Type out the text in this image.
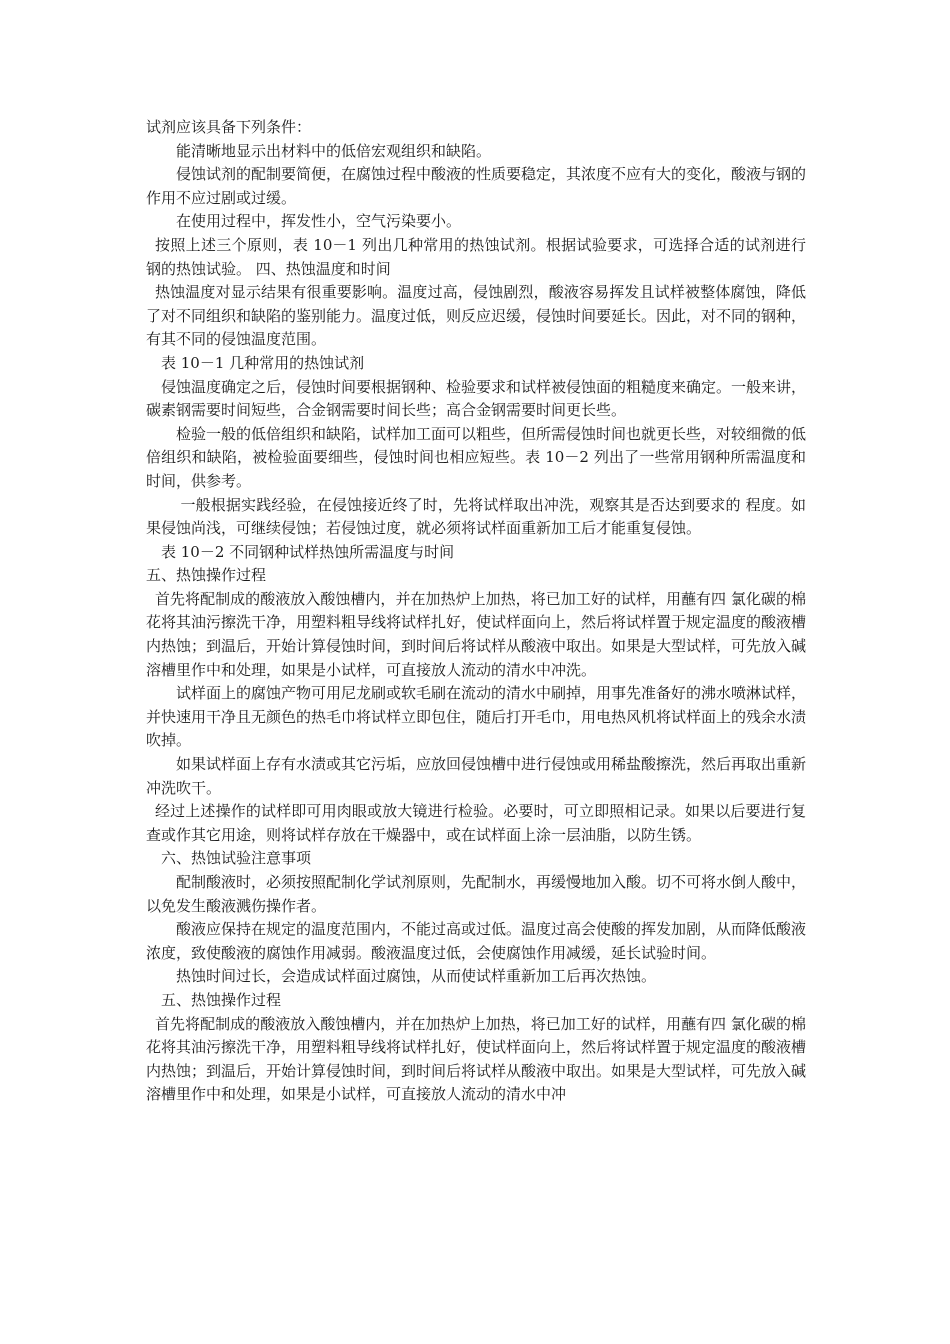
试剂应该具备下列条件：

能清晰地显示出材料中的低倍宏观组织和缺陷。

侵蚀试剂的配制要简便，在腐蚀过程中酸液的性质要稳定，其浓度不应有大的变化，酸液与钢的作用不应过剧或过缓。

在使用过程中，挥发性小，空气污染要小。

按照上述三个原则，表 10－1 列出几种常用的热蚀试剂。根据试验要求，可选择合适的试剂进行钢的热蚀试验。 四、热蚀温度和时间

热蚀温度对显示结果有很重要影响。温度过高，侵蚀剧烈，酸液容易挥发且试样被整体腐蚀，降低了对不同组织和缺陷的鉴别能力。温度过低，则反应迟缓，侵蚀时间要延长。因此，对不同的钢种，有其不同的侵蚀温度范围。

表 10－1 几种常用的热蚀试剂

侵蚀温度确定之后，侵蚀时间要根据钢种、检验要求和试样被侵蚀面的粗糙度来确定。一般来讲，碳素钢需要时间短些，合金钢需要时间长些；高合金钢需要时间更长些。

检验一般的低倍组织和缺陷，试样加工面可以粗些，但所需侵蚀时间也就更长些，对较细微的低倍组织和缺陷，被检验面要细些，侵蚀时间也相应短些。表 10－2 列出了一些常用钢种所需温度和时间，供参考。

一般根据实践经验，在侵蚀接近终了时，先将试样取出冲洗，观察其是否达到要求的 程度。如果侵蚀尚浅，可继续侵蚀；若侵蚀过度，就必须将试样面重新加工后才能重复侵蚀。

表 10－2 不同钢种试样热蚀所需温度与时间

五、热蚀操作过程

首先将配制成的酸液放入酸蚀槽内，并在加热炉上加热，将已加工好的试样，用蘸有四 氯化碳的棉花将其油污擦洗干净，用塑料粗导线将试样扎好，使试样面向上，然后将试样置于规定温度的酸液槽内热蚀；到温后，开始计算侵蚀时间，到时间后将试样从酸液中取出。如果是大型试样，可先放入碱溶槽里作中和处理，如果是小试样，可直接放人流动的清水中冲洗。

试样面上的腐蚀产物可用尼龙刷或软毛刷在流动的清水中刷掉，用事先准备好的沸水喷淋试样，并快速用干净且无颜色的热毛巾将试样立即包住，随后打开毛巾，用电热风机将试样面上的残余水渍吹掉。

如果试样面上存有水渍或其它污垢，应放回侵蚀槽中进行侵蚀或用稀盐酸擦洗，然后再取出重新冲洗吹干。

经过上述操作的试样即可用肉眼或放大镜进行检验。必要时，可立即照相记录。如果以后要进行复查或作其它用途，则将试样存放在干燥器中，或在试样面上涂一层油脂，以防生锈。

六、热蚀试验注意事项

配制酸液时，必须按照配制化学试剂原则，先配制水，再缓慢地加入酸。切不可将水倒人酸中，以免发生酸液溅伤操作者。

酸液应保持在规定的温度范围内，不能过高或过低。温度过高会使酸的挥发加剧，从而降低酸液浓度，致使酸液的腐蚀作用减弱。酸液温度过低，会使腐蚀作用减缓，延长试验时间。

热蚀时间过长，会造成试样面过腐蚀，从而使试样重新加工后再次热蚀。

五、热蚀操作过程

首先将配制成的酸液放入酸蚀槽内，并在加热炉上加热，将已加工好的试样，用蘸有四 氯化碳的棉花将其油污擦洗干净，用塑料粗导线将试样扎好，使试样面向上，然后将试样置于规定温度的酸液槽内热蚀；到温后，开始计算侵蚀时间，到时间后将试样从酸液中取出。如果是大型试样，可先放入碱溶槽里作中和处理，如果是小试样，可直接放人流动的清水中冲
